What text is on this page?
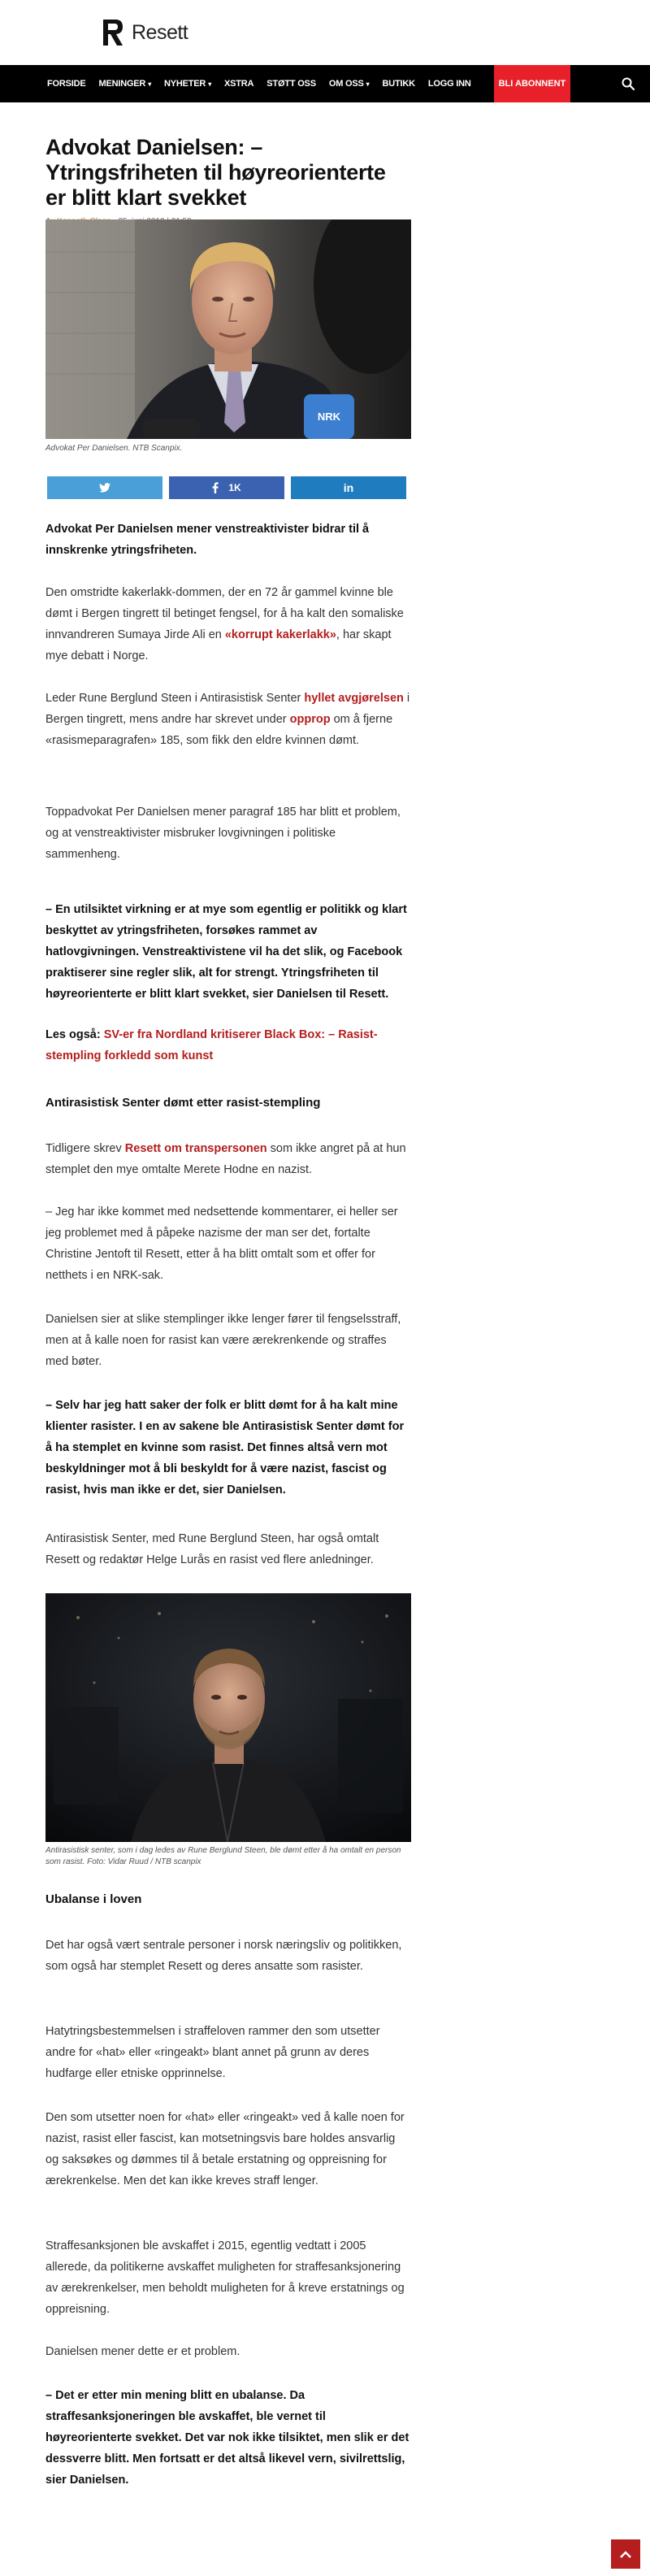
Resett
FORSIDE MENINGER ▾ NYHETER ▾ XSTRA STØTT OSS OM OSS ▾ BUTIKK LOGG INN	BLI ABONNENT
Advokat Danielsen: – Ytringsfriheten til høyreorienterte er blitt klart svekket
NRK
Advokat Per Danielsen. NTB Scanpix.
1K	in

Advokat Per Danielsen mener venstreaktivister bidrar til å innskrenke ytringsfriheten.

Den omstridte kakerlakk-dommen, der en 72 år gammel kvinne ble dømt i Bergen tingrett til betinget fengsel, for å ha kalt den somaliske innvandreren Sumaya Jirde Ali en «korrupt kakerlakk», har skapt mye debatt i Norge.

Leder Rune Berglund Steen i Antirasistisk Senter hyllet avgjørelsen i Bergen tingrett, mens andre har skrevet under opprop om å fjerne «rasismeparagrafen» 185, som fikk den eldre kvinnen dømt.

Toppadvokat Per Danielsen mener paragraf 185 har blitt et problem, og at venstreaktivister misbruker lovgivningen i politiske sammenheng.

– En utilsiktet virkning er at mye som egentlig er politikk og klart beskyttet av ytringsfriheten, forsøkes rammet av hatlovgivningen. Venstreaktivistene vil ha det slik, og Facebook praktiserer sine regler slik, alt for strengt. Ytringsfriheten til høyreorienterte er blitt klart svekket, sier Danielsen til Resett.

Les også: SV-er fra Nordland kritiserer Black Box: – Rasist-stempling forkledd som kunst

Antirasistisk Senter dømt etter rasist-stempling

Tidligere skrev Resett om transpersonen som ikke angret på at hun stemplet den mye omtalte Merete Hodne en nazist.

– Jeg har ikke kommet med nedsettende kommentarer, ei heller ser jeg problemet med å påpeke nazisme der man ser det, fortalte Christine Jentoft til Resett, etter å ha blitt omtalt som et offer for netthets i en NRK-sak.

Danielsen sier at slike stemplinger ikke lenger fører til fengselsstraff, men at å kalle noen for rasist kan være ærekrenkende og straffes med bøter.

– Selv har jeg hatt saker der folk er blitt dømt for å ha kalt mine klienter rasister. I en av sakene ble Antirasistisk Senter dømt for å ha stemplet en kvinne som rasist. Det finnes altså vern mot beskyldninger mot å bli beskyldt for å være nazist, fascist og rasist, hvis man ikke er det, sier Danielsen.

Antirasistisk Senter, med Rune Berglund Steen, har også omtalt Resett og redaktør Helge Lurås en rasist ved flere anledninger.

Antirasistisk senter, som i dag ledes av Rune Berglund Steen, ble dømt etter å ha omtalt en person som rasist. Foto: Vidar Ruud / NTB scanpix

Ubalanse i loven

Det har også vært sentrale personer i norsk næringsliv og politikken, som også har stemplet Resett og deres ansatte som rasister.

Hatytringsbestemmelsen i straffeloven rammer den som utsetter andre for «hat» eller «ringeakt» blant annet på grunn av deres hudfarge eller etniske opprinnelse.

Den som utsetter noen for «hat» eller «ringeakt» ved å kalle noen for nazist, rasist eller fascist, kan motsetningsvis bare holdes ansvarlig og saksøkes og dømmes til å betale erstatning og oppreisning for ærekrenkelse. Men det kan ikke kreves straff lenger.

Straffesanksjonen ble avskaffet i 2015, egentlig vedtatt i 2005 allerede, da politikerne avskaffet muligheten for straffesanksjonering av ærekrenkelser, men beholdt muligheten for å kreve erstatnings og oppreisning.

Danielsen mener dette er et problem.

– Det er etter min mening blitt en ubalanse. Da straffesanksjoneringen ble avskaffet, ble vernet til høyreorienterte svekket. Det var nok ikke tilsiktet, men slik er det dessverre blitt. Men fortsatt er det altså likevel vern, sivilrettslig, sier Danielsen.
